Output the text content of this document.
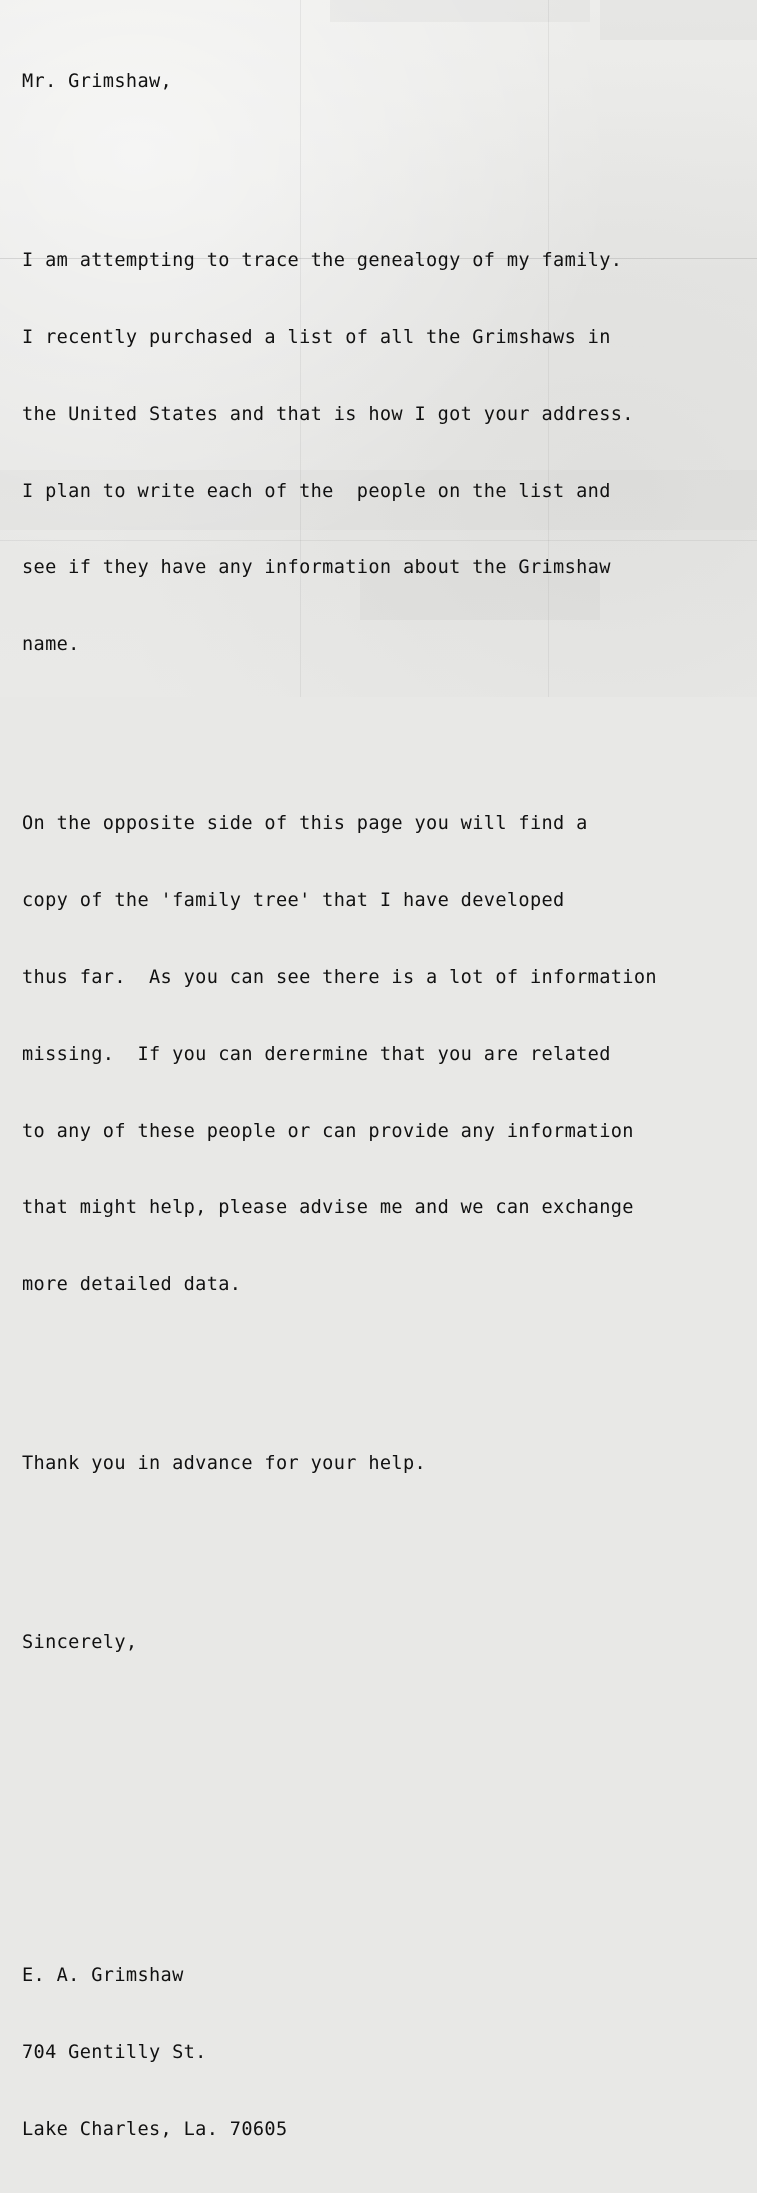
Mr. Grimshaw,

I am attempting to trace the genealogy of my family.

I recently purchased a list of all the Grimshaws in

the United States and that is how I got your address.

I plan to write each of the  people on the list and

see if they have any information about the Grimshaw

name.

On the opposite side of this page you will find a

copy of the 'family tree' that I have developed

thus far.  As you can see there is a lot of information

missing.  If you can derermine that you are related

to any of these people or can provide any information

that might help, please advise me and we can exchange

more detailed data.

Thank you in advance for your help.

Sincerely,

E. A. Grimshaw

704 Gentilly St.

Lake Charles, La. 70605
